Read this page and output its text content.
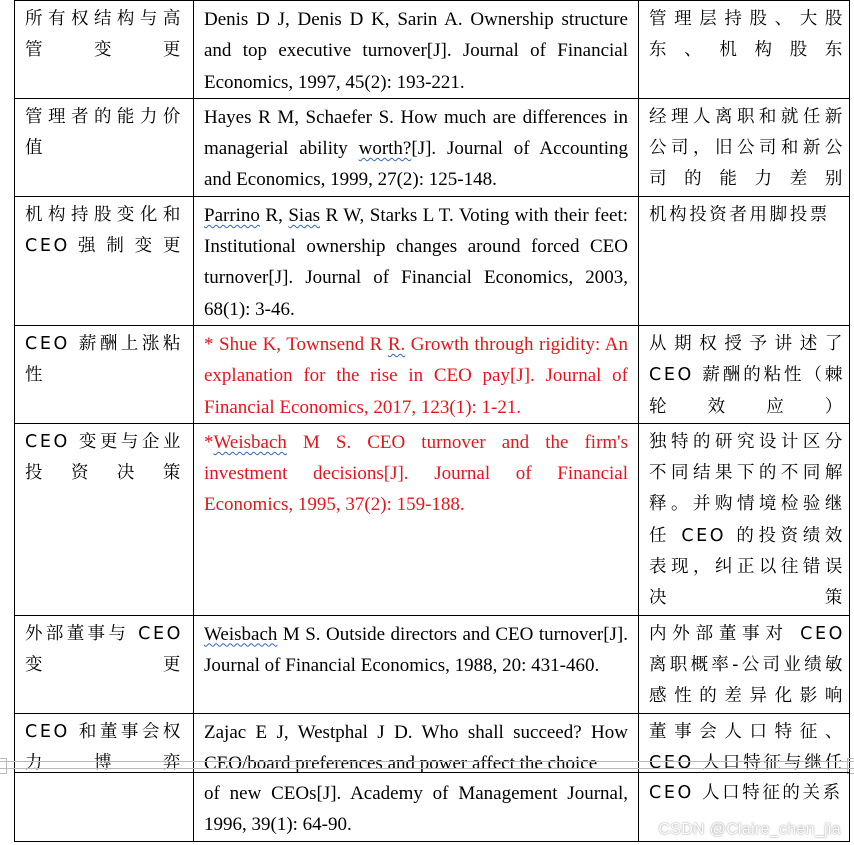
所有权结构与高管变更	Denis D J, Denis D K, Sarin A. Ownership structure and top executive turnover[J]. Journal of Financial Economics, 1997, 45(2): 193-221.	管理层持股、大股东、机构股东
管理者的能力价值	Hayes R M, Schaefer S. How much are differences in managerial ability worth?[J]. Journal of Accounting and Economics, 1999, 27(2): 125-148.	经理人离职和就任新公司，旧公司和新公司的能力差别
机构持股变化和CEO强制变更	Parrino R, Sias R W, Starks L T. Voting with their feet: Institutional ownership changes around forced CEO turnover[J]. Journal of Financial Economics, 2003, 68(1): 3-46.	机构投资者用脚投票
CEO 薪酬上涨粘性	* Shue K, Townsend R R. Growth through rigidity: An explanation for the rise in CEO pay[J]. Journal of Financial Economics, 2017, 123(1): 1-21.	从期权授予讲述了CEO 薪酬的粘性（棘轮效应）
CEO 变更与企业投资决策	*Weisbach M S. CEO turnover and the firm's investment decisions[J]. Journal of Financial Economics, 1995, 37(2): 159-188.	独特的研究设计区分不同结果下的不同解释。并购情境检验继任 CEO 的投资绩效表现，纠正以往错误决策
外部董事与 CEO 变更	Weisbach M S. Outside directors and CEO turnover[J]. Journal of Financial Economics, 1988, 20: 431-460.	内外部董事对 CEO 离职概率-公司业绩敏感性的差异化影响
CEO 和董事会权力博弈	Zajac E J, Westphal J D. Who shall succeed? How CEO/board preferences and power affect the choice	董事会人口特征、CEO 人口特征与继任
	of new CEOs[J]. Academy of Management Journal, 1996, 39(1): 64-90.	CEO 人口特征的关系
CSDN @Claire_chen_jia
